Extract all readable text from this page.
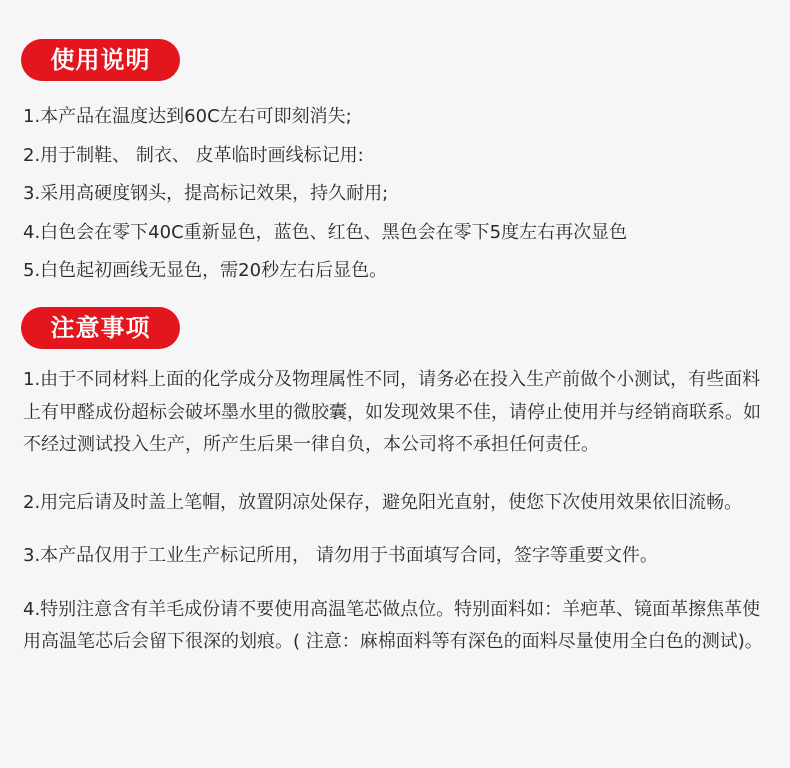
使用说明
1.本产品在温度达到60C左右可即刻消失;
2.用于制鞋、 制衣、 皮革临时画线标记用:
3.采用高硬度钢头，提高标记效果，持久耐用;
4.白色会在零下40C重新显色，蓝色、红色、黑色会在零下5度左右再次显色
5.白色起初画线无显色，需20秒左右后显色。
注意事项

1.由于不同材料上面的化学成分及物理属性不同，请务必在投入生产前做个小测试，有些面料上有甲醛成份超标会破坏墨水里的微胶囊，如发现效果不佳，请停止使用并与经销商联系。如不经过测试投入生产，所产生后果一律自负，本公司将不承担任何责任。

2.用完后请及时盖上笔帽，放置阴凉处保存，避免阳光直射，使您下次使用效果依旧流畅。

3.本产品仅用于工业生产标记所用， 请勿用于书面填写合同，签字等重要文件。

4.特别注意含有羊毛成份请不要使用高温笔芯做点位。特别面料如：羊疤革、镜面革擦焦革使用高温笔芯后会留下很深的划痕。( 注意：麻棉面料等有深色的面料尽量使用全白色的测试)。
